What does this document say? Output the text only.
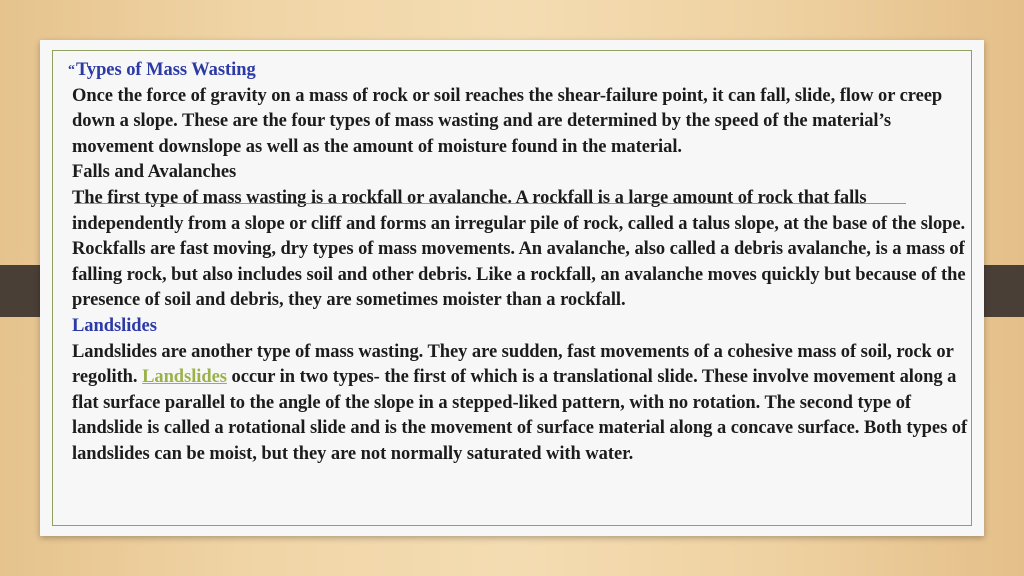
“Types of Mass Wasting

Once the force of gravity on a mass of rock or soil reaches the shear-failure point, it can fall, slide, flow or creep down a slope. These are the four types of mass wasting and are determined by the speed of the material’s movement downslope as well as the amount of moisture found in the material.

Falls and Avalanches

The first type of mass wasting is a rockfall or avalanche. A rockfall is a large amount of rock that falls independently from a slope or cliff and forms an irregular pile of rock, called a talus slope, at the base of the slope. Rockfalls are fast moving, dry types of mass movements. An avalanche, also called a debris avalanche, is a mass of falling rock, but also includes soil and other debris. Like a rockfall, an avalanche moves quickly but because of the presence of soil and debris, they are sometimes moister than a rockfall.

Landslides

Landslides are another type of mass wasting. They are sudden, fast movements of a cohesive mass of soil, rock or regolith. Landslides occur in two types- the first of which is a translational slide. These involve movement along a flat surface parallel to the angle of the slope in a stepped-liked pattern, with no rotation. The second type of landslide is called a rotational slide and is the movement of surface material along a concave surface. Both types of landslides can be moist, but they are not normally saturated with water.
